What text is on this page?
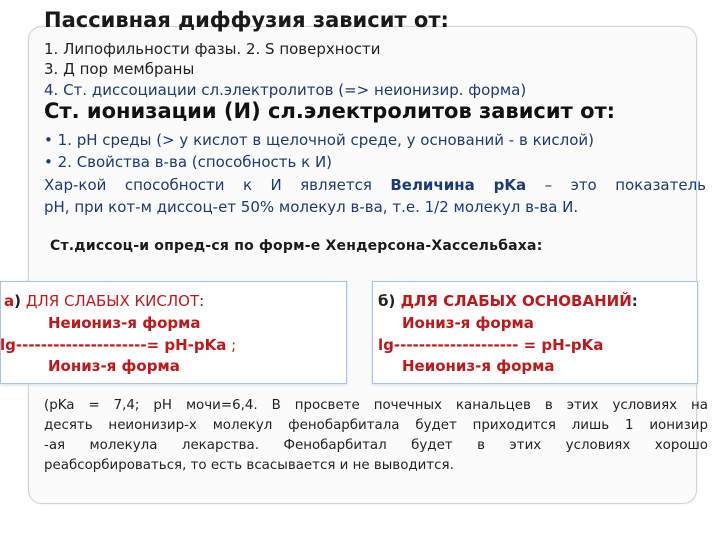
Пассивная диффузия зависит от:
1. Липофильности фазы. 2. S поверхности
3. Д пор мембраны
4. Ст. диссоциации сл.электролитов (=> неионизир. форма)
Ст. ионизации (И) сл.электролитов зависит от:
• 1. pH среды (> у кислот в щелочной среде, у оснований - в кислой)
• 2. Свойства в-ва (способность к И)
Хар-кой способности к И является Величина pKa – это показатель
pH, при кот-м диссоц-ет 50% молекул в-ва, т.е. 1/2 молекул в-ва И.
Ст.диссоц-и опред-ся по форм-е Хендерсона-Хассельбаха:
а) ДЛЯ СЛАБЫХ КИСЛОТ:
Неиониз-я форма
lg---------------------= pH-pKa ;
Иониз-я форма
б) ДЛЯ СЛАБЫХ ОСНОВАНИЙ:
Иониз-я форма
lg-------------------- = pH-pKa
Неиониз-я форма
(pKa = 7,4; pH мочи=6,4. В просвете почечных канальцев в этих условиях на
десять неионизир-х молекул фенобарбитала будет приходится лишь 1 ионизир
-ая молекула лекарства. Фенобарбитал будет в этих условиях хорошо
реабсорбироваться, то есть всасывается и не выводится.
